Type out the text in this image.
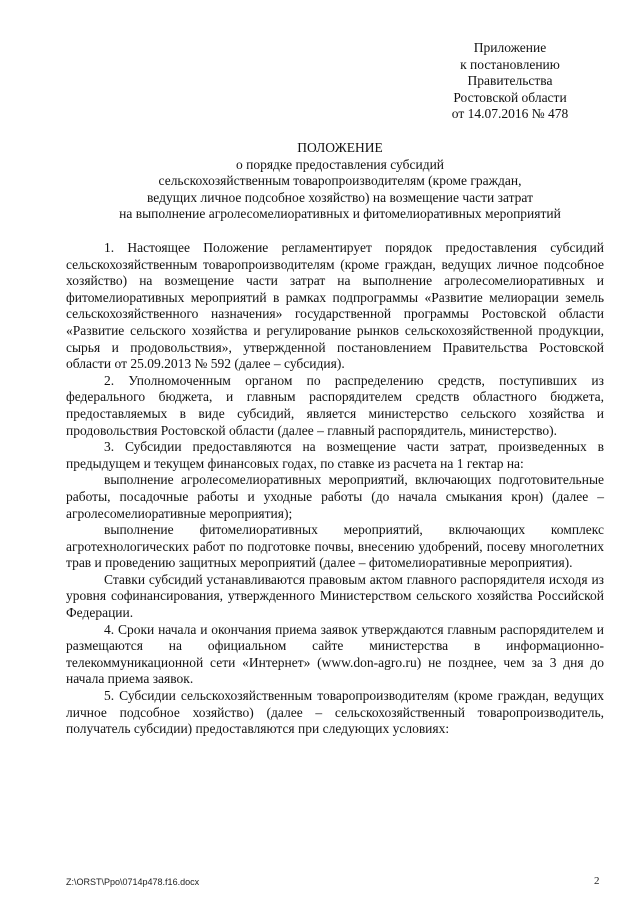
Приложение
к постановлению
Правительства
Ростовской области
от 14.07.2016 № 478
ПОЛОЖЕНИЕ
о порядке предоставления субсидий
сельскохозяйственным товаропроизводителям (кроме граждан,
ведущих личное подсобное хозяйство) на возмещение части затрат
на выполнение агролесомелиоративных и фитомелиоративных мероприятий

1. Настоящее Положение регламентирует порядок предоставления субсидий сельскохозяйственным товаропроизводителям (кроме граждан, ведущих личное подсобное хозяйство) на возмещение части затрат на выполнение агролесомелиоративных и фитомелиоративных мероприятий в рамках подпрограммы «Развитие мелиорации земель сельскохозяйственного назначения» государственной программы Ростовской области «Развитие сельского хозяйства и регулирование рынков сельскохозяйственной продукции, сырья и продовольствия», утвержденной постановлением Правительства Ростовской области от 25.09.2013 № 592 (далее – субсидия).

2. Уполномоченным органом по распределению средств, поступивших из федерального бюджета, и главным распорядителем средств областного бюджета, предоставляемых в виде субсидий, является министерство сельского хозяйства и продовольствия Ростовской области (далее – главный распорядитель, министерство).

3. Субсидии предоставляются на возмещение части затрат, произведенных в предыдущем и текущем финансовых годах, по ставке из расчета на 1 гектар на:

выполнение агролесомелиоративных мероприятий, включающих подготовительные работы, посадочные работы и уходные работы (до начала смыкания крон) (далее – агролесомелиоративные мероприятия);

выполнение фитомелиоративных мероприятий, включающих комплекс агротехнологических работ по подготовке почвы, внесению удобрений, посеву многолетних трав и проведению защитных мероприятий (далее – фитомелиоративные мероприятия).

Ставки субсидий устанавливаются правовым актом главного распорядителя исходя из уровня софинансирования, утвержденного Министерством сельского хозяйства Российской Федерации.

4. Сроки начала и окончания приема заявок утверждаются главным распорядителем и размещаются на официальном сайте министерства в информационно-телекоммуникационной сети «Интернет» (www.don-agro.ru) не позднее, чем за 3 дня до начала приема заявок.

5. Субсидии сельскохозяйственным товаропроизводителям (кроме граждан, ведущих личное подсобное хозяйство) (далее – сельскохозяйственный товаропроизводитель, получатель субсидии) предоставляются при следующих условиях:

Z:\ORST\Ppo\0714p478.f16.docx	2
